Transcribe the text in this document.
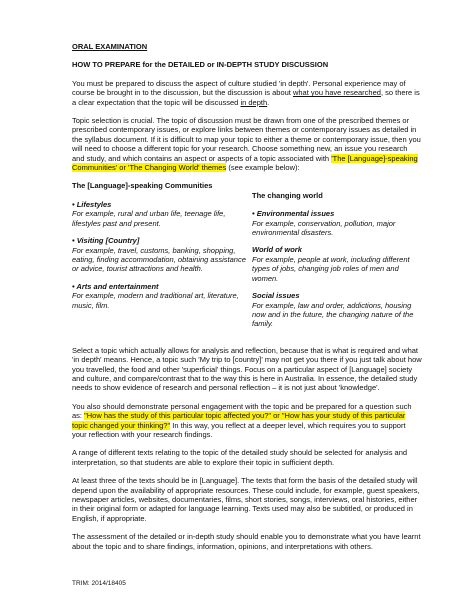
ORAL EXAMINATION
HOW TO PREPARE for the DETAILED or IN-DEPTH STUDY DISCUSSION

You must be prepared to discuss the aspect of culture studied 'in depth'. Personal experience may of course be brought in to the discussion, but the discussion is about what you have researched, so there is a clear expectation that the topic will be discussed in depth.

Topic selection is crucial. The topic of discussion must be drawn from one of the prescribed themes or prescribed contemporary issues, or explore links between themes or contemporary issues as detailed in the syllabus document. If it is difficult to map your topic to either a theme or contemporary issue, then you will need to choose a different topic for your research. Choose something new, an issue you research and study, and which contains an aspect or aspects of a topic associated with 'The [Language]-speaking Communities' or 'The Changing World' themes (see example below):

The [Language]-speaking Communities
• Lifestyles
For example, rural and urban life, teenage life, lifestyles past and present.
• Visiting [Country]
For example, travel, customs, banking, shopping, eating, finding accommodation, obtaining assistance or advice, tourist attractions and health.
• Arts and entertainment
For example, modern and traditional art, literature, music, film.
The changing world
• Environmental issues
For example, conservation, pollution, major environmental disasters.
World of work
For example, people at work, including different types of jobs, changing job roles of men and women.
Social issues
For example, law and order, addictions, housing now and in the future, the changing nature of the family.

Select a topic which actually allows for analysis and reflection, because that is what is required and what 'in depth' means. Hence, a topic such 'My trip to [country]' may not get you there if you just talk about how you travelled, the food and other 'superficial' things. Focus on a particular aspect of [Language] society and culture, and compare/contrast that to the way this is here in Australia. In essence, the detailed study needs to show evidence of research and personal reflection – it is not just about 'knowledge'.

You also should demonstrate personal engagement with the topic and be prepared for a question such as: "How has the study of this particular topic affected you?" or "How has your study of this particular topic changed your thinking?" In this way, you reflect at a deeper level, which requires you to support your reflection with your research findings.

A range of different texts relating to the topic of the detailed study should be selected for analysis and interpretation, so that students are able to explore their topic in sufficient depth.

At least three of the texts should be in [Language]. The texts that form the basis of the detailed study will depend upon the availability of appropriate resources. These could include, for example, guest speakers, newspaper articles, websites, documentaries, films, short stories, songs, interviews, oral histories, either in their original form or adapted for language learning. Texts used may also be subtitled, or produced in English, if appropriate.

The assessment of the detailed or in-depth study should enable you to demonstrate what you have learnt about the topic and to share findings, information, opinions, and interpretations with others.

TRIM: 2014/18405
